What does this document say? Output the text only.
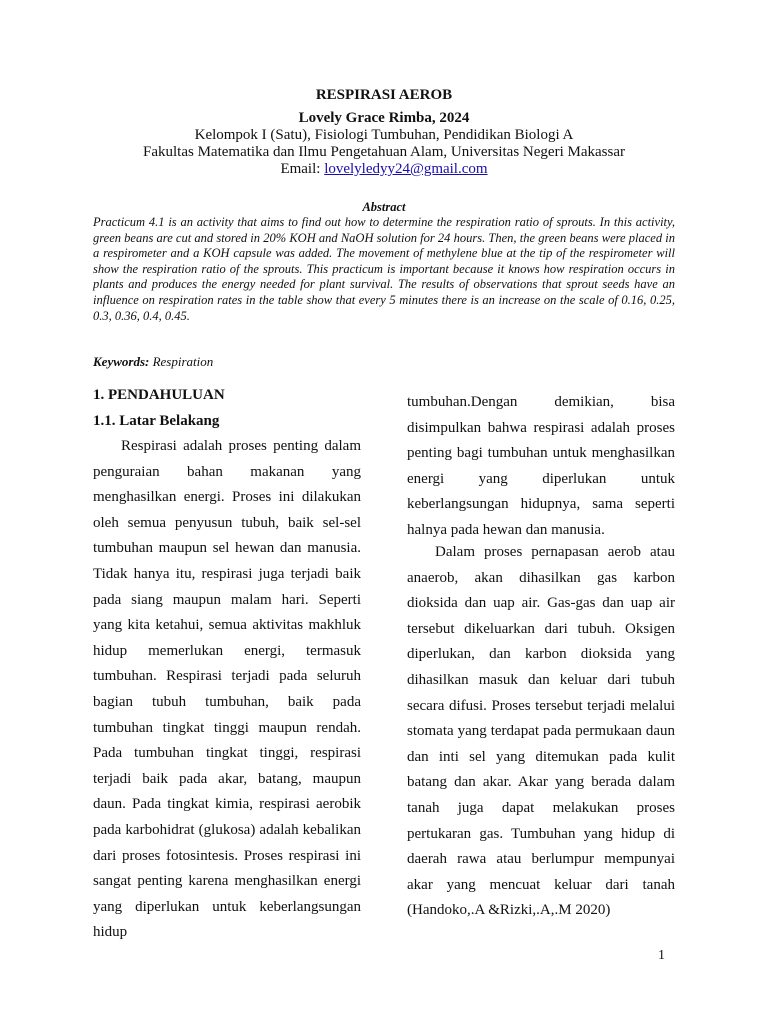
RESPIRASI AEROB
Lovely Grace Rimba, 2024
Kelompok I (Satu), Fisiologi Tumbuhan, Pendidikan Biologi A
Fakultas Matematika dan Ilmu Pengetahuan Alam, Universitas Negeri Makassar
Email: lovelyledyy24@gmail.com
Abstract
Practicum 4.1 is an activity that aims to find out how to determine the respiration ratio of sprouts. In this activity, green beans are cut and stored in 20% KOH and NaOH solution for 24 hours. Then, the green beans were placed in a respirometer and a KOH capsule was added. The movement of methylene blue at the tip of the respirometer will show the respiration ratio of the sprouts. This practicum is important because it knows how respiration occurs in plants and produces the energy needed for plant survival. The results of observations that sprout seeds have an influence on respiration rates in the table show that every 5 minutes there is an increase on the scale of 0.16, 0.25, 0.3, 0.36, 0.4, 0.45.
Keywords: Respiration
1. PENDAHULUAN
1.1. Latar Belakang

Respirasi adalah proses penting dalam penguraian bahan makanan yang menghasilkan energi. Proses ini dilakukan oleh semua penyusun tubuh, baik sel-sel tumbuhan maupun sel hewan dan manusia. Tidak hanya itu, respirasi juga terjadi baik pada siang maupun malam hari. Seperti yang kita ketahui, semua aktivitas makhluk hidup memerlukan energi, termasuk tumbuhan. Respirasi terjadi pada seluruh bagian tubuh tumbuhan, baik pada tumbuhan tingkat tinggi maupun rendah. Pada tumbuhan tingkat tinggi, respirasi terjadi baik pada akar, batang, maupun daun. Pada tingkat kimia, respirasi aerobik pada karbohidrat (glukosa) adalah kebalikan dari proses fotosintesis. Proses respirasi ini sangat penting karena menghasilkan energi yang diperlukan untuk keberlangsungan hidup

tumbuhan.Dengan demikian, bisa disimpulkan bahwa respirasi adalah proses penting bagi tumbuhan untuk menghasilkan energi yang diperlukan untuk keberlangsungan hidupnya, sama seperti halnya pada hewan dan manusia.

Dalam proses pernapasan aerob atau anaerob, akan dihasilkan gas karbon dioksida dan uap air. Gas-gas dan uap air tersebut dikeluarkan dari tubuh. Oksigen diperlukan, dan karbon dioksida yang dihasilkan masuk dan keluar dari tubuh secara difusi. Proses tersebut terjadi melalui stomata yang terdapat pada permukaan daun dan inti sel yang ditemukan pada kulit batang dan akar. Akar yang berada dalam tanah juga dapat melakukan proses pertukaran gas. Tumbuhan yang hidup di daerah rawa atau berlumpur mempunyai akar yang mencuat keluar dari tanah (Handoko,.A &Rizki,.A,.M 2020)

1
